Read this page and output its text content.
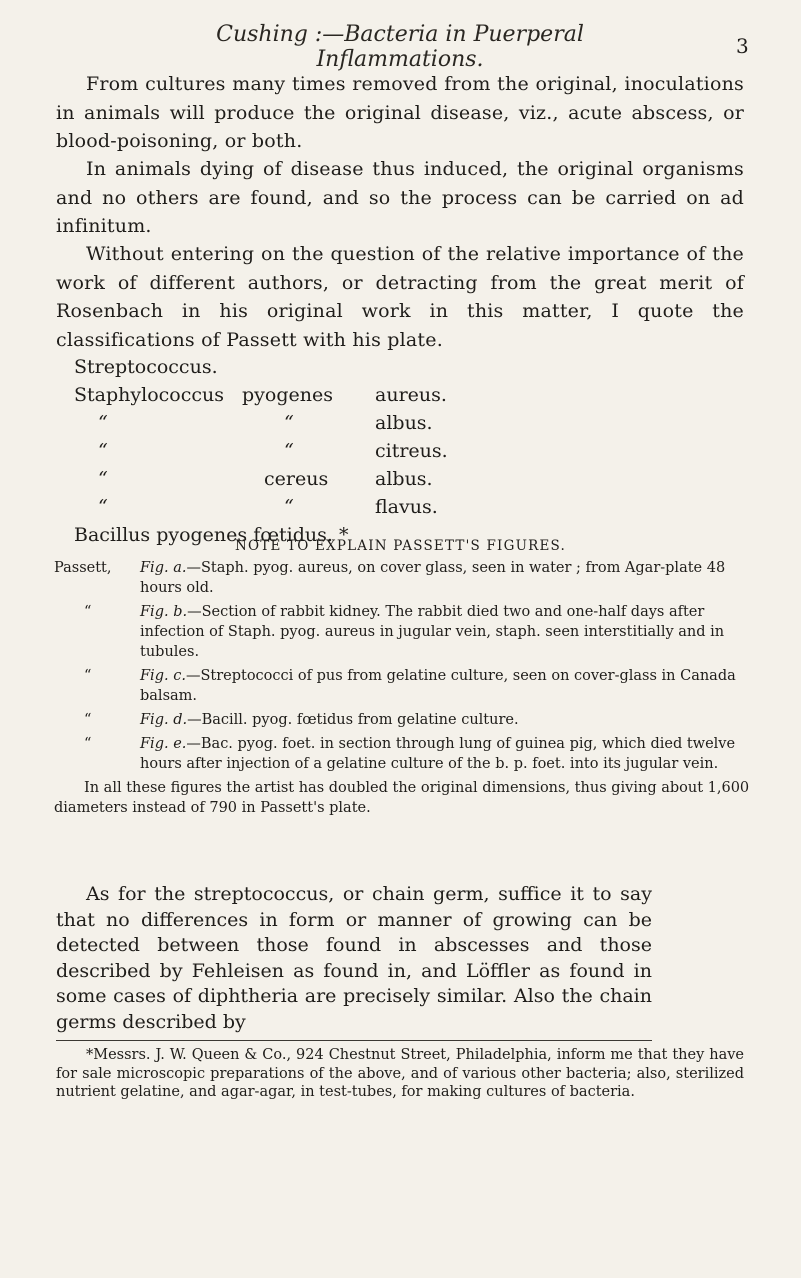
Cushing :—Bacteria in Puerperal Inflammations.
3

From cultures many times removed from the original, inoculations in animals will produce the original disease, viz., acute abscess, or blood-poisoning, or both.

In animals dying of disease thus induced, the original organisms and no others are found, and so the process can be carried on ad infinitum.

Without entering on the question of the relative importance of the work of different authors, or detracting from the great merit of Rosenbach in his original work in this matter, I quote the classifications of Passett with his plate.

Streptococcus.
Staphylococcus pyogenes aureus.
“	“	albus.
“	“	citreus.
“	cereus albus.
“	“	flavus.
Bacillus pyogenes fœtidus. *
NOTE TO EXPLAIN PASSETT'S FIGURES.
Passett, Fig. a.—Staph. pyog. aureus, on cover glass, seen in water ; from Agar-plate 48 hours old.
“	Fig. b.—Section of rabbit kidney. The rabbit died two and one-half days after infection of Staph. pyog. aureus in jugular vein, staph. seen interstitially and in tubules.
“	Fig. c.—Streptococci of pus from gelatine culture, seen on cover-glass in Canada balsam.
“	Fig. d.—Bacill. pyog. fœtidus from gelatine culture.
“	Fig. e.—Bac. pyog. foet. in section through lung of guinea pig, which died twelve hours after injection of a gelatine culture of the b. p. foet. into its jugular vein.

In all these figures the artist has doubled the original dimensions, thus giving about 1,600 diameters instead of 790 in Passett's plate.

As for the streptococcus, or chain germ, suffice it to say that no differences in form or manner of growing can be detected between those found in abscesses and those described by Fehleisen as found in, and Löffler as found in some cases of diphtheria are precisely similar. Also the chain germs described by

*Messrs. J. W. Queen & Co., 924 Chestnut Street, Philadelphia, inform me that they have for sale microscopic preparations of the above, and of various other bacteria; also, sterilized nutrient gelatine, and agar-agar, in test-tubes, for making cultures of bacteria.
